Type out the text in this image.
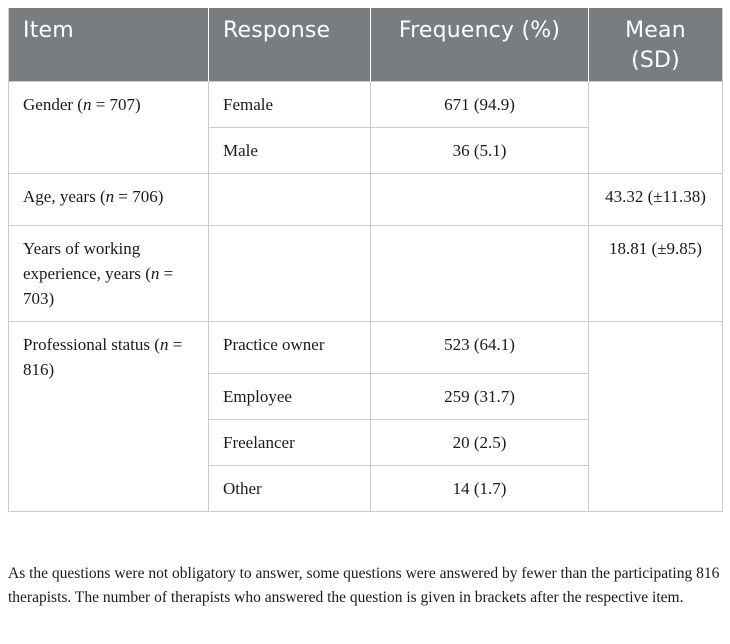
Item	Response	Frequency (%)	Mean (SD)

Gender (n = 707)	Female	671 (94.9)	
	Male	36 (5.1)	
Age, years (n = 706)			43.32 (±11.38)
Years of working experience, years (n = 703)			18.81 (±9.85)
Professional status (n = 816)	Practice owner	523 (64.1)	
	Employee	259 (31.7)	
	Freelancer	20 (2.5)	
	Other	14 (1.7)	
As the questions were not obligatory to answer, some questions were answered by fewer than the participating 816 therapists. The number of therapists who answered the question is given in brackets after the respective item.
